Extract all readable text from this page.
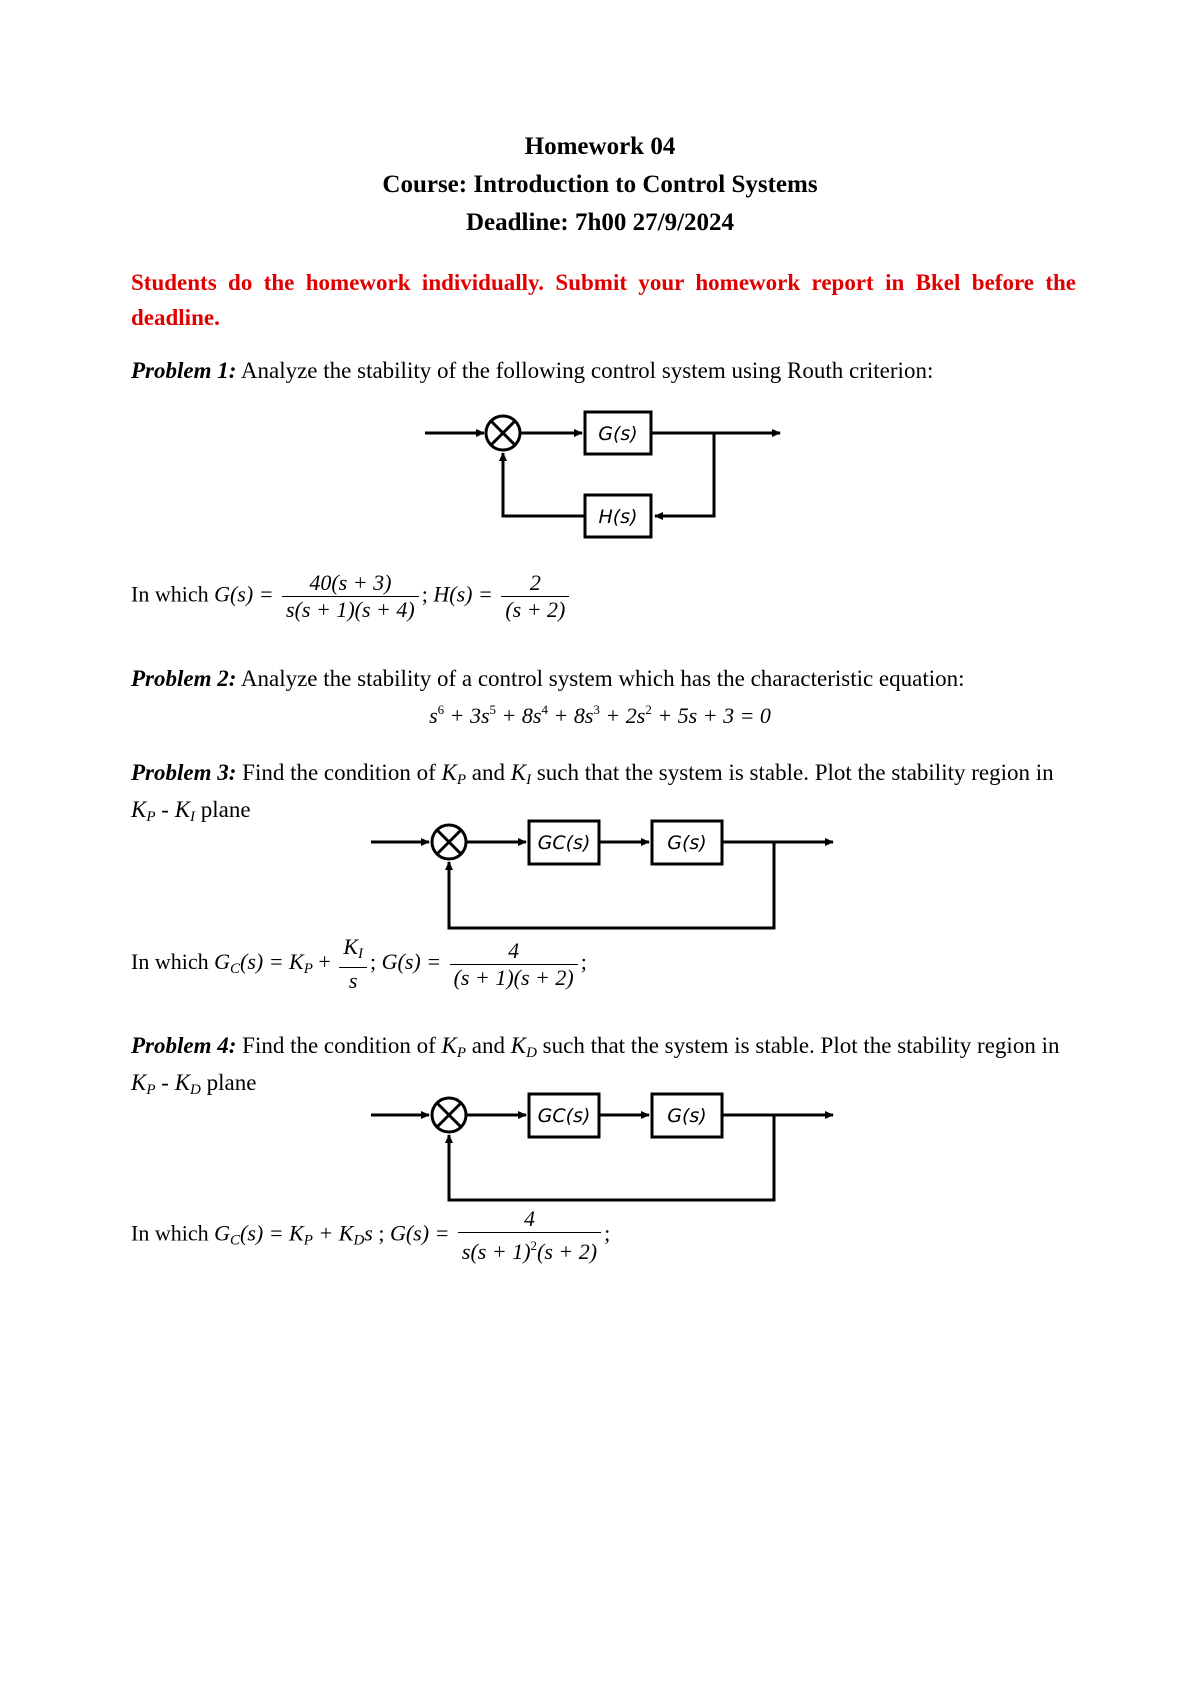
Homework 04
Course: Introduction to Control Systems
Deadline: 7h00 27/9/2024
Students do the homework individually. Submit your homework report in Bkel before the deadline.
Problem 1: Analyze the stability of the following control system using Routh criterion:
G(s)
H(s)
GC(s)	G(s)
GC(s)	G(s)
In which $G(s) = \frac{40(s + 3)}{s(s + 1)(s + 4)}$ ; $H(s) = \frac{2}{(s + 2)}$
Problem 2: Analyze the stability of a control system which has the characteristic equation:
$s^6 + 3s^5 + 8s^4 + 8s^3 + 2s^2 + 5s + 3 = 0$
Problem 3: Find the condition of $K_P$ and $K_I$ such that the system is stable. Plot the stability region in $K_P - K_I$ plane
In which $G_C(s) = K_P + \frac{K_I}{s}$ ; $G(s) = \frac{4}{(s + 1)(s + 2)}$ ;
Problem 4: Find the condition of $K_P$ and $K_D$ such that the system is stable. Plot the stability region in $K_P - K_D$ plane
In which $G_C(s) = K_P + K_Ds$ ; $G(s) = \frac{4}{s(s + 1)^2(s + 2)}$ ;
